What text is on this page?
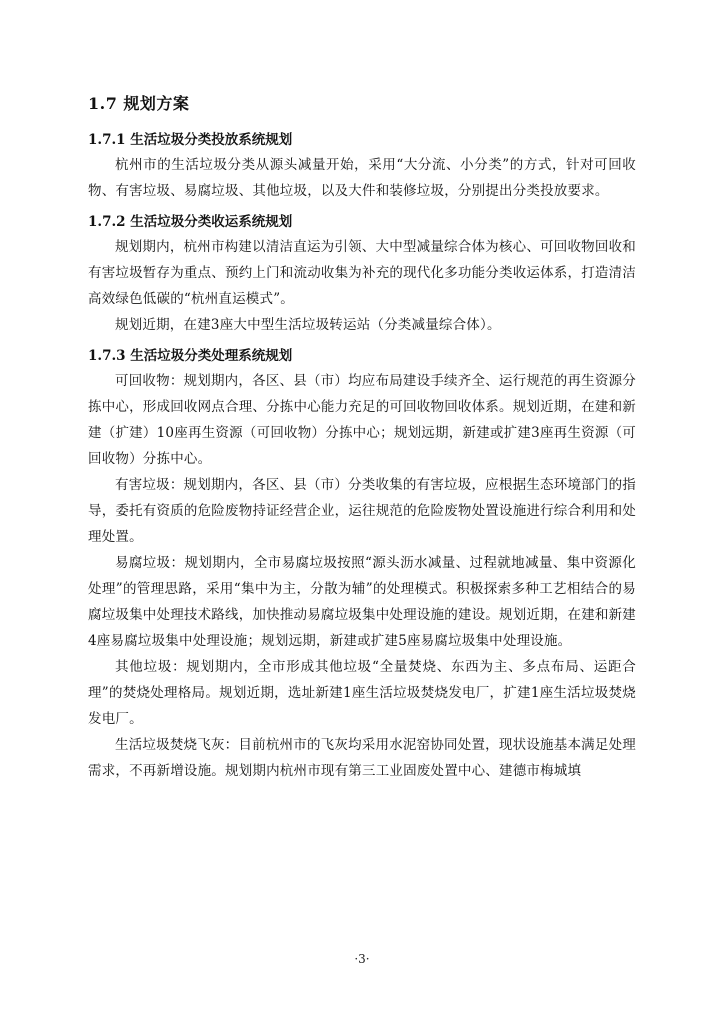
1.7 规划方案
1.7.1 生活垃圾分类投放系统规划

杭州市的生活垃圾分类从源头减量开始，采用“大分流、小分类”的方式，针对可回收物、有害垃圾、易腐垃圾、其他垃圾，以及大件和装修垃圾，分别提出分类投放要求。

1.7.2 生活垃圾分类收运系统规划

规划期内，杭州市构建以清洁直运为引领、大中型减量综合体为核心、可回收物回收和有害垃圾暂存为重点、预约上门和流动收集为补充的现代化多功能分类收运体系，打造清洁高效绿色低碳的“杭州直运模式”。

规划近期，在建3座大中型生活垃圾转运站（分类减量综合体）。

1.7.3 生活垃圾分类处理系统规划

可回收物：规划期内，各区、县（市）均应布局建设手续齐全、运行规范的再生资源分拣中心，形成回收网点合理、分拣中心能力充足的可回收物回收体系。规划近期，在建和新建（扩建）10座再生资源（可回收物）分拣中心；规划远期，新建或扩建3座再生资源（可回收物）分拣中心。

有害垃圾：规划期内，各区、县（市）分类收集的有害垃圾，应根据生态环境部门的指导，委托有资质的危险废物持证经营企业，运往规范的危险废物处置设施进行综合利用和处理处置。

易腐垃圾：规划期内，全市易腐垃圾按照“源头沥水减量、过程就地减量、集中资源化处理”的管理思路，采用“集中为主，分散为辅”的处理模式。积极探索多种工艺相结合的易腐垃圾集中处理技术路线，加快推动易腐垃圾集中处理设施的建设。规划近期，在建和新建4座易腐垃圾集中处理设施；规划远期，新建或扩建5座易腐垃圾集中处理设施。

其他垃圾：规划期内，全市形成其他垃圾“全量焚烧、东西为主、多点布局、运距合理”的焚烧处理格局。规划近期，选址新建1座生活垃圾焚烧发电厂，扩建1座生活垃圾焚烧发电厂。

生活垃圾焚烧飞灰：目前杭州市的飞灰均采用水泥窑协同处置，现状设施基本满足处理需求，不再新增设施。规划期内杭州市现有第三工业固废处置中心、建德市梅城填

·3·
